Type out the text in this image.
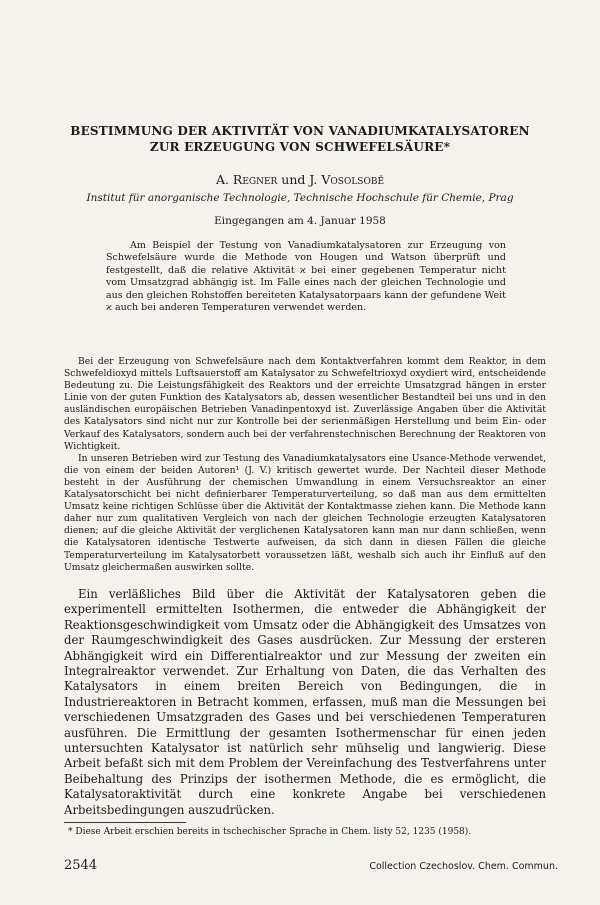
BESTIMMUNG DER AKTIVITÄT VON VANADIUMKATALYSATOREN
ZUR ERZEUGUNG VON SCHWEFELSÄURE*
A. Regner und J. Vosolsobě
Institut für anorganische Technologie, Technische Hochschule für Chemie, Prag
Eingegangen am 4. Januar 1958
Am Beispiel der Testung von Vanadiumkatalysatoren zur Erzeugung von Schwefelsäure wurde die Methode von Hougen und Watson überprüft und festgestellt, daß die relative Aktivität ϰ bei einer gegebenen Temperatur nicht vom Umsatzgrad abhängig ist. Im Falle eines nach der gleichen Technologie und aus den gleichen Rohstoffen bereiteten Katalysatorpaars kann der gefundene Weit ϰ auch bei anderen Temperaturen verwendet werden.

Bei der Erzeugung von Schwefelsäure nach dem Kontaktverfahren kommt dem Reaktor, in dem Schwefeldioxyd mittels Luftsauerstoff am Katalysator zu Schwefeltrioxyd oxydiert wird, entscheidende Bedeutung zu. Die Leistungsfähigkeit des Reaktors und der erreichte Umsatzgrad hängen in erster Linie von der guten Funktion des Katalysators ab, dessen wesentlicher Bestandteil bei uns und in den ausländischen europäischen Betrieben Vanadinpentoxyd ist. Zuverlässige Angaben über die Aktivität des Katalysators sind nicht nur zur Kontrolle bei der serienmäßigen Herstellung und beim Ein- oder Verkauf des Katalysators, sondern auch bei der verfahrenstechnischen Berechnung der Reaktoren von Wichtigkeit.

In unseren Betrieben wird zur Testung des Vanadiumkatalysators eine Usance-Methode verwendet, die von einem der beiden Autoren¹ (J. V.) kritisch gewertet wurde. Der Nachteil dieser Methode besteht in der Ausführung der chemischen Umwandlung in einem Versuchsreaktor an einer Katalysatorschicht bei nicht definierbarer Temperaturverteilung, so daß man aus dem ermittelten Umsatz keine richtigen Schlüsse über die Aktivität der Kontaktmasse ziehen kann. Die Methode kann daher nur zum qualitativen Vergleich von nach der gleichen Technologie erzeugten Katalysatoren dienen; auf die gleiche Aktivität der verglichenen Katalysatoren kann man nur dann schließen, wenn die Katalysatoren identische Testwerte aufweisen, da sich dann in diesen Fällen die gleiche Temperaturverteilung im Katalysatorbett voraussetzen läßt, weshalb sich auch ihr Einfluß auf den Umsatz gleichermaßen auswirken sollte.

Ein verläßliches Bild über die Aktivität der Katalysatoren geben die experimentell ermittelten Isothermen, die entweder die Abhängigkeit der Reaktionsgeschwindigkeit vom Umsatz oder die Abhängigkeit des Umsatzes von der Raumgeschwindigkeit des Gases ausdrücken. Zur Messung der ersteren Abhängigkeit wird ein Differentialreaktor und zur Messung der zweiten ein Integralreaktor verwendet. Zur Erhaltung von Daten, die das Verhalten des Katalysators in einem breiten Bereich von Bedingungen, die in Industriereaktoren in Betracht kommen, erfassen, muß man die Messungen bei verschiedenen Umsatzgraden des Gases und bei verschiedenen Temperaturen ausführen. Die Ermittlung der gesamten Isothermenschar für einen jeden untersuchten Katalysator ist natürlich sehr mühselig und langwierig. Diese Arbeit befaßt sich mit dem Problem der Vereinfachung des Testverfahrens unter Beibehaltung des Prinzips der isothermen Methode, die es ermöglicht, die Katalysatoraktivität durch eine konkrete Angabe bei verschiedenen Arbeitsbedingungen auszudrücken.

* Diese Arbeit erschien bereits in tschechischer Sprache in Chem. listy 52, 1235 (1958).
2544	Collection Czechoslov. Chem. Commun.
